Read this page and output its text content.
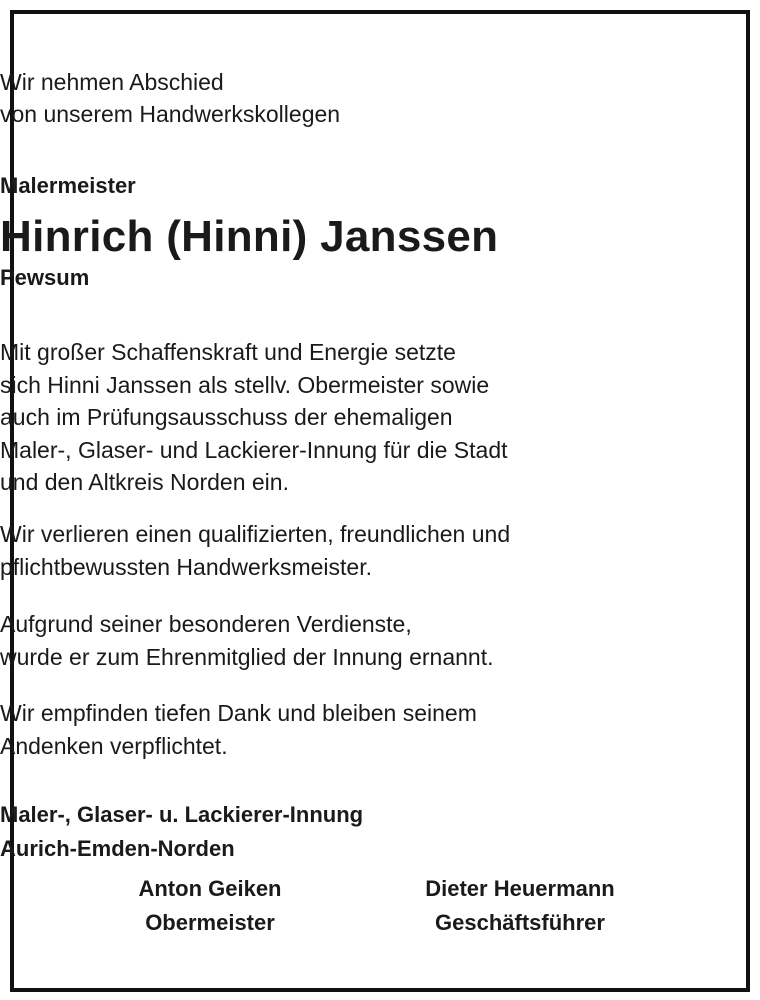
Wir nehmen Abschied
von unserem Handwerkskollegen
Malermeister
Hinrich (Hinni) Janssen
Pewsum
Mit großer Schaffenskraft und Energie setzte
sich Hinni Janssen als stellv. Obermeister sowie
auch im Prüfungsausschuss der ehemaligen
Maler-, Glaser- und Lackierer-Innung für die Stadt
und den Altkreis Norden ein.
Wir verlieren einen qualifizierten, freundlichen und
pflichtbewussten Handwerksmeister.
Aufgrund seiner besonderen Verdienste,
wurde er zum Ehrenmitglied der Innung ernannt.
Wir empfinden tiefen Dank und bleiben seinem
Andenken verpflichtet.
Maler-, Glaser- u. Lackierer-Innung
Aurich-Emden-Norden
Anton Geiken
Obermeister
Dieter Heuermann
Geschäftsführer
